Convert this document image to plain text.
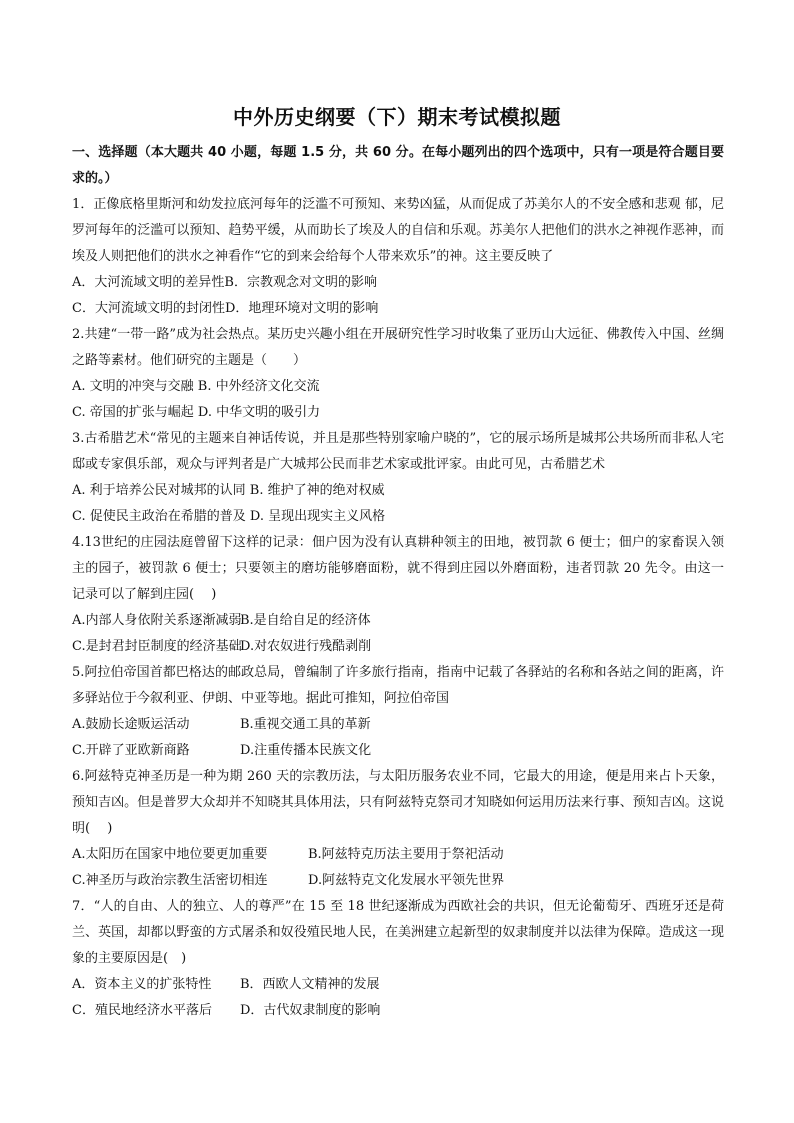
中外历史纲要（下）期末考试模拟题
一、选择题（本大题共 40 小题，每题 1.5 分，共 60 分。在每小题列出的四个选项中，只有一项是符合题目要求的。）
1．正像底格里斯河和幼发拉底河每年的泛滥不可预知、来势凶猛，从而促成了苏美尔人的不安全感和悲观 郁，尼罗河每年的泛滥可以预知、趋势平缓，从而助长了埃及人的自信和乐观。苏美尔人把他们的洪水之神视作恶神，而埃及人则把他们的洪水之神看作“它的到来会给每个人带来欢乐”的神。这主要反映了
A．大河流域文明的差异性 B．宗教观念对文明的影响
C．大河流域文明的封闭性 D．地理环境对文明的影响
2.共建“一带一路”成为社会热点。某历史兴趣小组在开展研究性学习时收集了亚历山大远征、佛教传入中国、丝绸之路等素材。他们研究的主题是（　　）
A. 文明的冲突与交融
B. 中外经济文化交流
C. 帝国的扩张与崛起
D. 中华文明的吸引力
3.古希腊艺术“常见的主题来自神话传说，并且是那些特别家喻户晓的”，它的展示场所是城邦公共场所而非私人宅邸或专家俱乐部，观众与评判者是广大城邦公民而非艺术家或批评家。由此可见，古希腊艺术
A. 利于培养公民对城邦的认同
B. 维护了神的绝对权威
C. 促使民主政治在希腊的普及
D. 呈现出现实主义风格
4.13世纪的庄园法庭曾留下这样的记录：佃户因为没有认真耕种领主的田地，被罚款 6 便士；佃户的家畜误入领主的园子，被罚款 6 便士；只要领主的磨坊能够磨面粉，就不得到庄园以外磨面粉，违者罚款 20 先令。由这一记录可以了解到庄园(　 )
A.内部人身依附关系逐渐减弱
B.是自给自足的经济体
C.是封君封臣制度的经济基础
D.对农奴进行残酷剥削
5.阿拉伯帝国首都巴格达的邮政总局，曾编制了许多旅行指南，指南中记载了各驿站的名称和各站之间的距离，许多驿站位于今叙利亚、伊朗、中亚等地。据此可推知，阿拉伯帝国
A.鼓励长途贩运活动	B.重视交通工具的革新
C.开辟了亚欧新商路	D.注重传播本民族文化
6.阿兹特克神圣历是一种为期 260 天的宗教历法，与太阳历服务农业不同，它最大的用途，便是用来占卜天象，预知吉凶。但是普罗大众却并不知晓其具体用法，只有阿兹特克祭司才知晓如何运用历法来行事、预知吉凶。这说明(　 )
A.太阳历在国家中地位要更加重要	B.阿兹特克历法主要用于祭祀活动
C.神圣历与政治宗教生活密切相连	D.阿兹特克文化发展水平领先世界
7．“人的自由、人的独立、人的尊严”在 15 至 18 世纪逐渐成为西欧社会的共识，但无论葡萄牙、西班牙还是荷兰、英国，却都以野蛮的方式屠杀和奴役殖民地人民，在美洲建立起新型的奴隶制度并以法律为保障。造成这一现象的主要原因是(　)
A．资本主义的扩张特性	B．西欧人文精神的发展
C．殖民地经济水平落后	D．古代奴隶制度的影响
